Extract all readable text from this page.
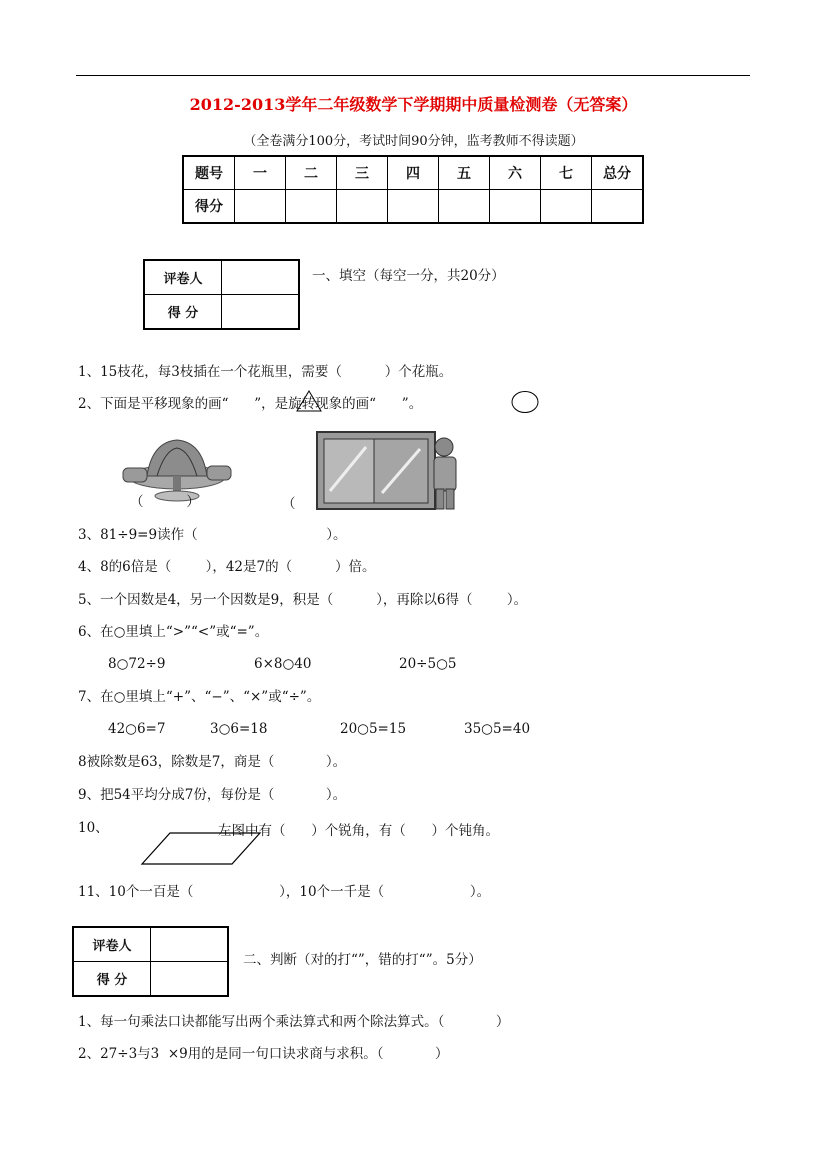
2012-2013学年二年级数学下学期期中质量检测卷（无答案）
（全卷满分100分，考试时间90分钟，监考教师不得读题）
题号	一	二	三	四	五	六	七	总分
得分								
评卷人	
得 分	
一、填空（每空一分，共20分）
1、15枝花，每3枝插在一个花瓶里，需要（          ）个花瓶。
2、下面是平移现象的画“      ”，是旋转现象的画“      ”。
（          ）	（
3、81÷9=9读作（                              ）。
4、8的6倍是（        ），42是7的（          ）倍。
5、一个因数是4，另一个因数是9，积是（          ），再除以6得（        ）。
6、在○里填上“>”“<”或“=”。
8○72÷9	6×8○40	20÷5○5
7、在○里填上“+”、“−”、“×”或“÷”。
42○6=7	3○6=18	20○5=15	35○5=40
8被除数是63，除数是7，商是（            ）。
9、把54平均分成7份，每份是（            ）。
10、	左图中有（      ）个锐角，有（      ）个钝角。
11、10个一百是（                    ），10个一千是（                    ）。
评卷人	
得 分	
二、判断（对的打“”，错的打“”。5分）
1、每一句乘法口诀都能写出两个乘法算式和两个除法算式。（            ）
2、27÷3与3  ×9用的是同一句口诀求商与求积。（            ）
